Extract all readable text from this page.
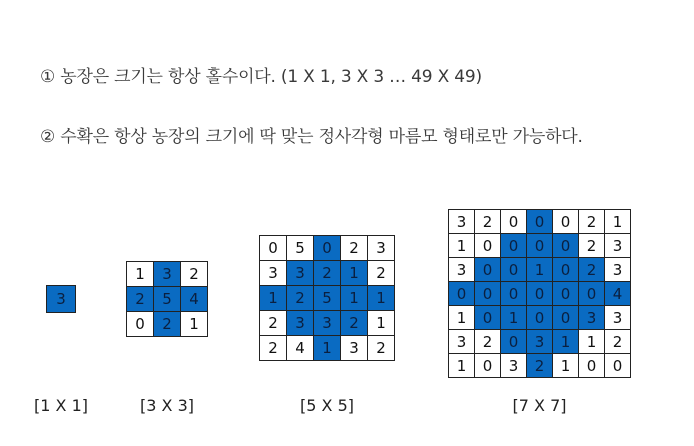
① 농장은 크기는 항상 홀수이다. (1 X 1, 3 X 3 … 49 X 49)
② 수확은 항상 농장의 크기에 딱 맞는 정사각형 마름모 형태로만 가능하다.
3
1	3	2
2	5	4
0	2	1
0	5	0	2	3
3	3	2	1	2
1	2	5	1	1
2	3	3	2	1
2	4	1	3	2
3	2	0	0	0	2	1
1	0	0	0	0	2	3
3	0	0	1	0	2	3
0	0	0	0	0	0	4
1	0	1	0	0	3	3
3	2	0	3	1	1	2
1	0	3	2	1	0	0
[1 X 1]	[3 X 3]	[5 X 5]	[7 X 7]
